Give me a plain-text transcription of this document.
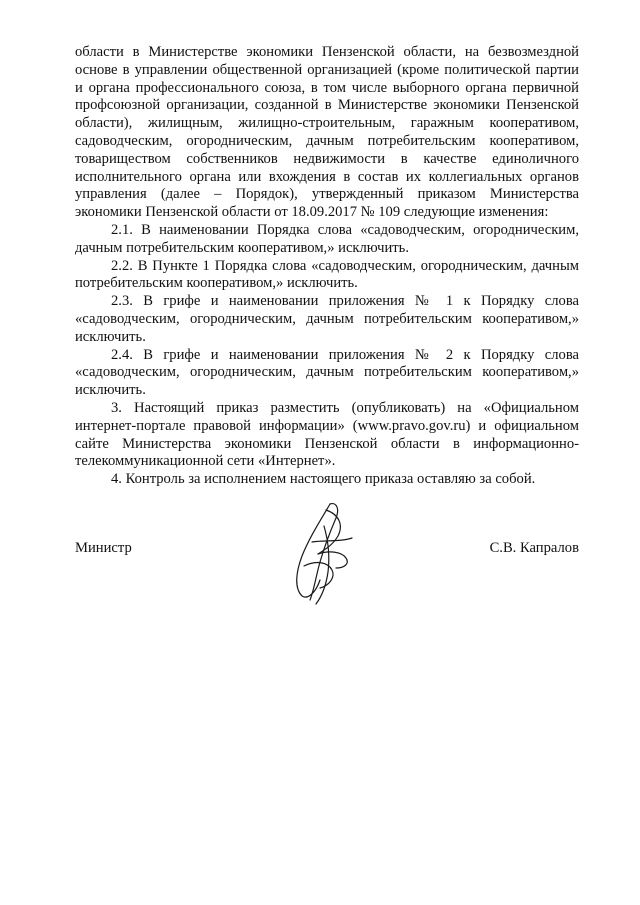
области в Министерстве экономики Пензенской области, на безвозмездной основе в управлении общественной организацией (кроме политической партии и органа профессионального союза, в том числе выборного органа первичной профсоюзной организации, созданной в Министерстве экономики Пензенской области), жилищным, жилищно-строительным, гаражным кооперативом, садоводческим, огородническим, дачным потребительским кооперативом, товариществом собственников недвижимости в качестве единоличного исполнительного органа или вхождения в состав их коллегиальных органов управления (далее – Порядок), утвержденный приказом Министерства экономики Пензенской области от 18.09.2017 № 109 следующие изменения:

2.1. В наименовании Порядка слова «садоводческим, огородническим, дачным потребительским кооперативом,» исключить.

2.2. В Пункте 1 Порядка слова «садоводческим, огородническим, дачным потребительским кооперативом,» исключить.

2.3. В грифе и наименовании приложения № 1 к Порядку слова «садоводческим, огородническим, дачным потребительским кооперативом,» исключить.

2.4. В грифе и наименовании приложения № 2 к Порядку слова «садоводческим, огородническим, дачным потребительским кооперативом,» исключить.

3. Настоящий приказ разместить (опубликовать) на «Официальном интернет-портале правовой информации» (www.pravo.gov.ru) и официальном сайте Министерства экономики Пензенской области в информационно-телекоммуникационной сети «Интернет».

4. Контроль за исполнением настоящего приказа оставляю за собой.

Министр	С.В. Капралов
